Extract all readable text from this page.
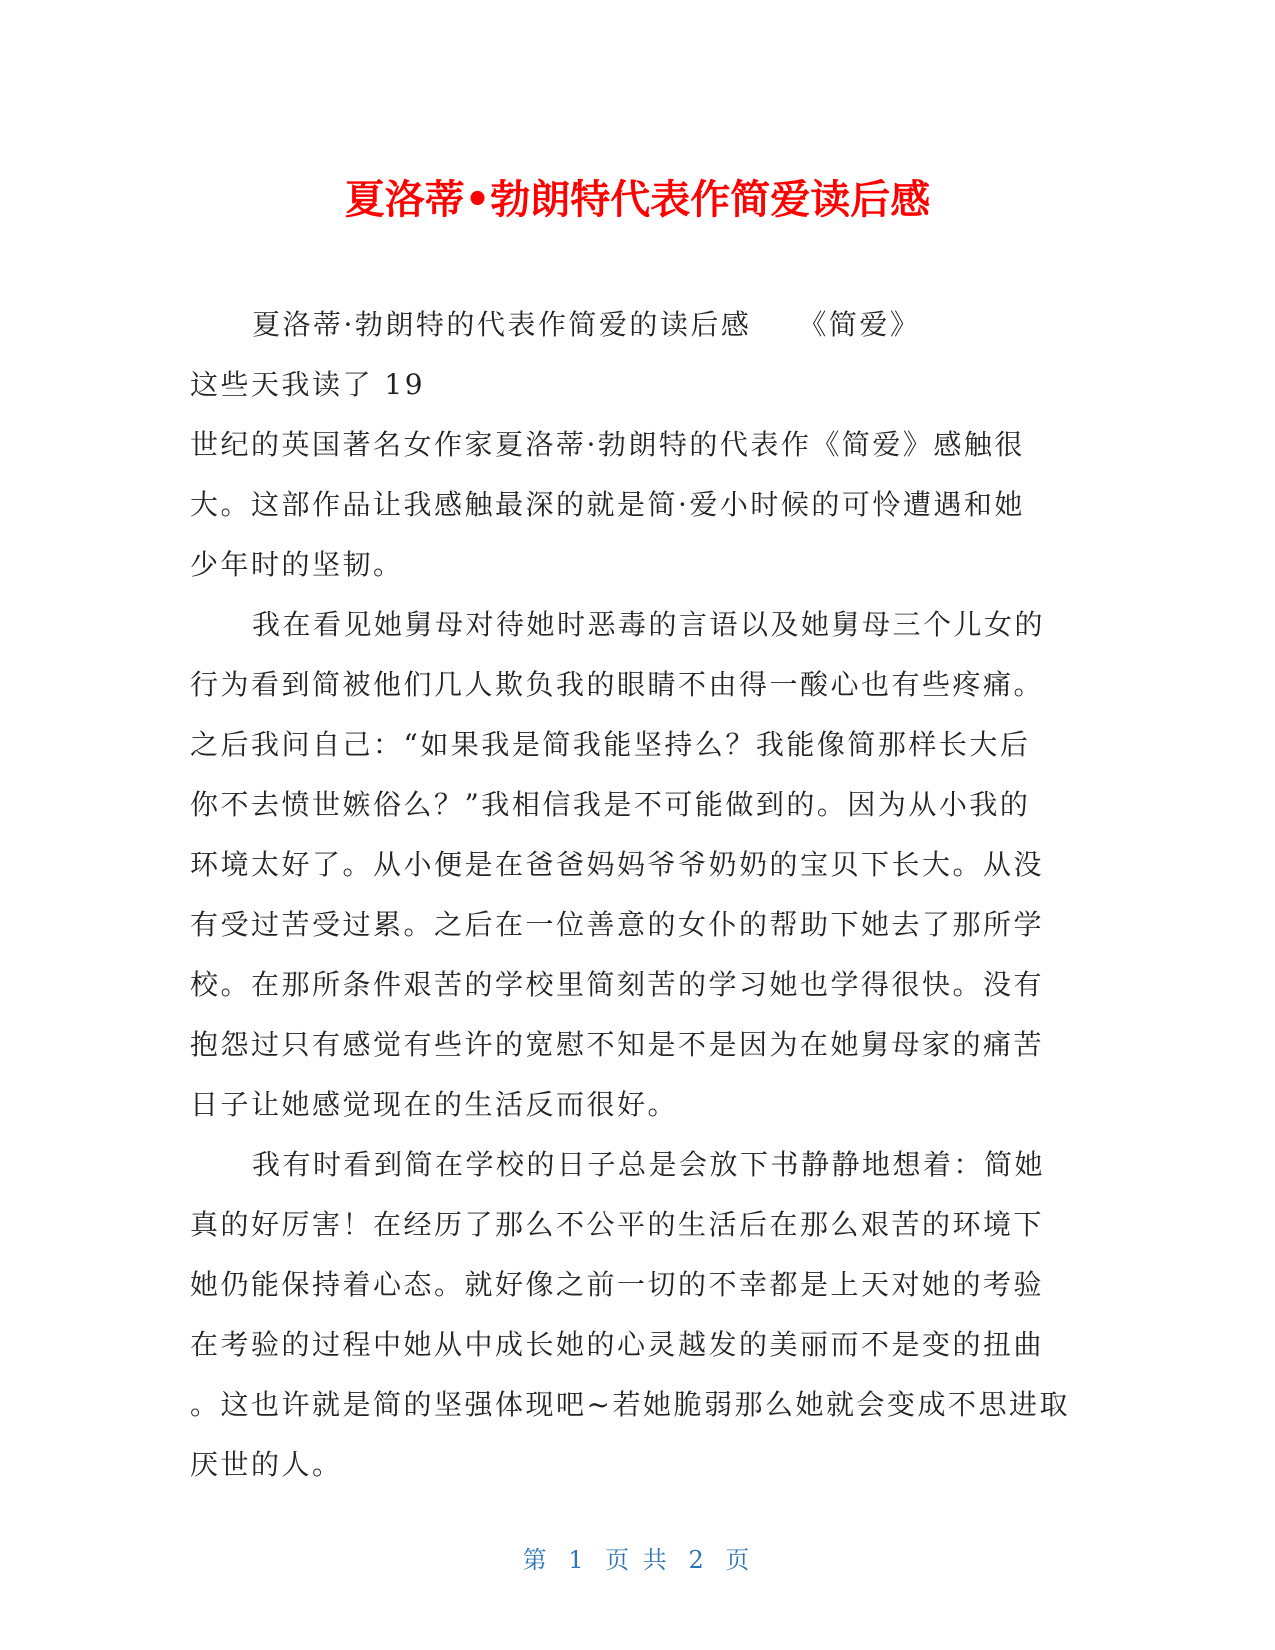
夏洛蒂•勃朗特代表作简爱读后感
夏洛蒂·勃朗特的代表作简爱的读后感　　《简爱》
这些天我读了 19
世纪的英国著名女作家夏洛蒂·勃朗特的代表作《简爱》感触很
大。这部作品让我感触最深的就是简·爱小时候的可怜遭遇和她
少年时的坚韧。
我在看见她舅母对待她时恶毒的言语以及她舅母三个儿女的
行为看到简被他们几人欺负我的眼睛不由得一酸心也有些疼痛。
之后我问自己：“如果我是简我能坚持么？我能像简那样长大后
你不去愤世嫉俗么？”我相信我是不可能做到的。因为从小我的
环境太好了。从小便是在爸爸妈妈爷爷奶奶的宝贝下长大。从没
有受过苦受过累。之后在一位善意的女仆的帮助下她去了那所学
校。在那所条件艰苦的学校里简刻苦的学习她也学得很快。没有
抱怨过只有感觉有些许的宽慰不知是不是因为在她舅母家的痛苦
日子让她感觉现在的生活反而很好。
我有时看到简在学校的日子总是会放下书静静地想着：简她
真的好厉害！在经历了那么不公平的生活后在那么艰苦的环境下
她仍能保持着心态。就好像之前一切的不幸都是上天对她的考验
在考验的过程中她从中成长她的心灵越发的美丽而不是变的扭曲
。这也许就是简的坚强体现吧~若她脆弱那么她就会变成不思进取
厌世的人。
第 1 页 共 2 页
